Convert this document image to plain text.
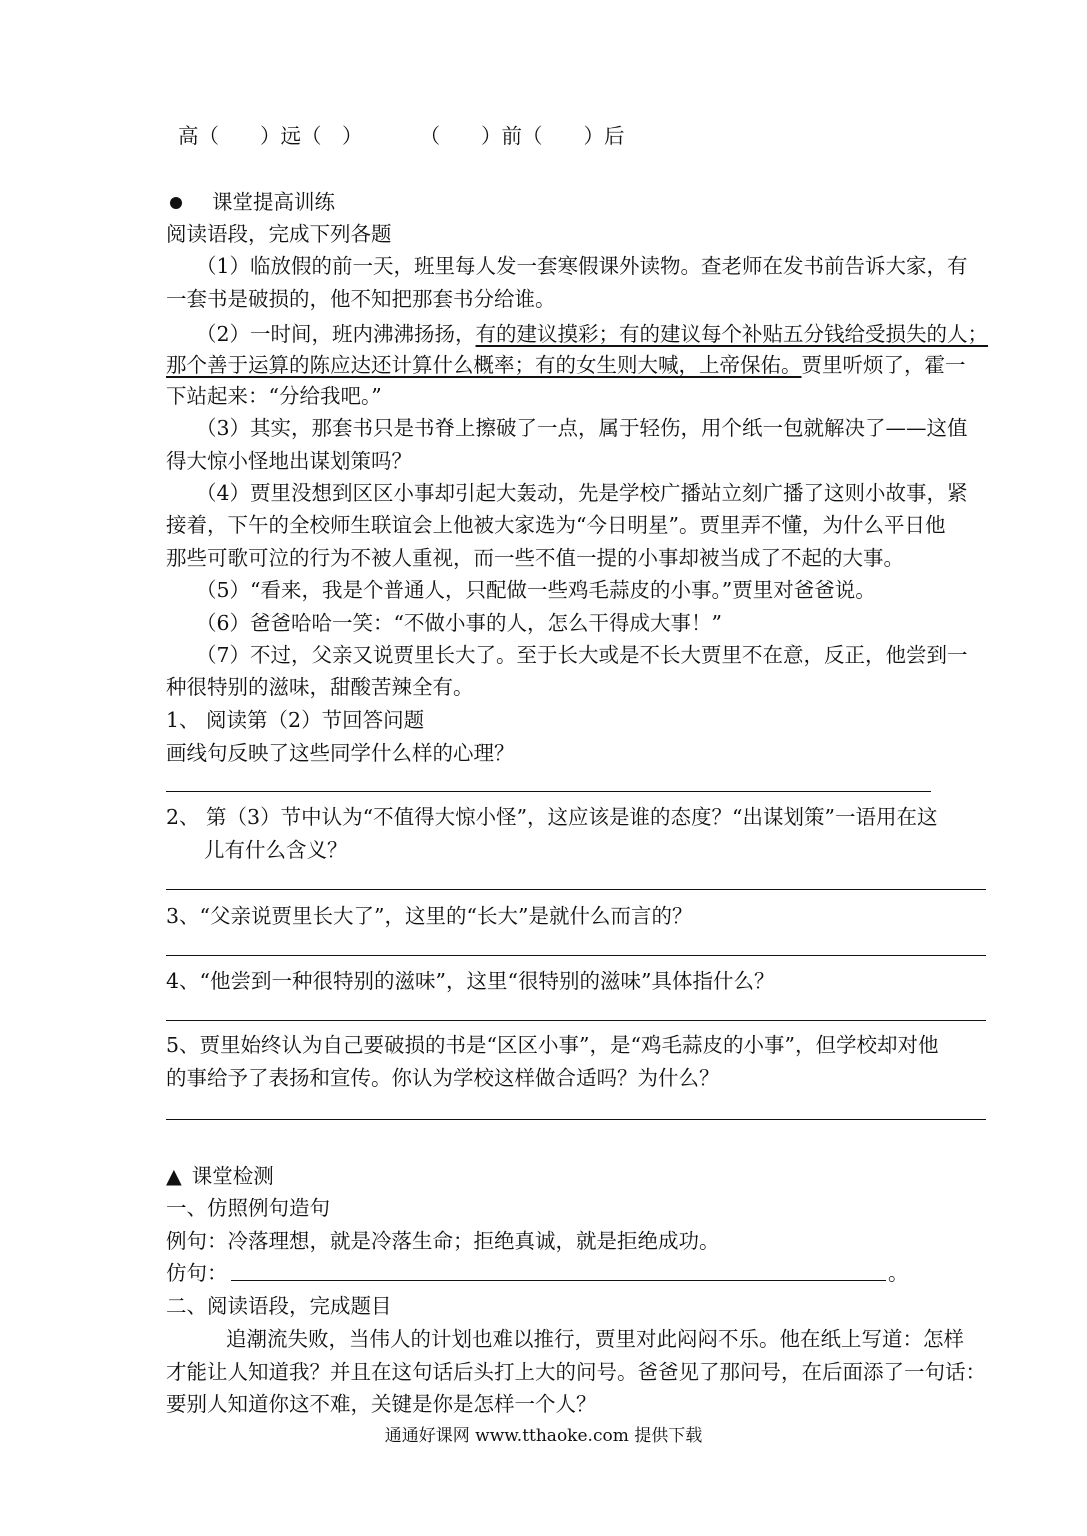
高（　　）远（　）	（　　）前（　　）后
课堂提高训练
阅读语段，完成下列各题
（1）临放假的前一天，班里每人发一套寒假课外读物。查老师在发书前告诉大家，有
一套书是破损的，他不知把那套书分给谁。
（2）一时间，班内沸沸扬扬，有的建议摸彩；有的建议每个补贴五分钱给受损失的人；
那个善于运算的陈应达还计算什么概率；有的女生则大喊，上帝保佑。贾里听烦了，霍一
下站起来：“分给我吧。”
（3）其实，那套书只是书脊上擦破了一点，属于轻伤，用个纸一包就解决了——这值
得大惊小怪地出谋划策吗？
（4）贾里没想到区区小事却引起大轰动，先是学校广播站立刻广播了这则小故事，紧
接着，下午的全校师生联谊会上他被大家选为“今日明星”。贾里弄不懂，为什么平日他
那些可歌可泣的行为不被人重视，而一些不值一提的小事却被当成了不起的大事。
（5）“看来，我是个普通人，只配做一些鸡毛蒜皮的小事。”贾里对爸爸说。
（6）爸爸哈哈一笑：“不做小事的人，怎么干得成大事！”
（7）不过，父亲又说贾里长大了。至于长大或是不长大贾里不在意，反正，他尝到一
种很特别的滋味，甜酸苦辣全有。
1、 阅读第（2）节回答问题
画线句反映了这些同学什么样的心理？
2、 第（3）节中认为“不值得大惊小怪”，这应该是谁的态度？“出谋划策”一语用在这
儿有什么含义？
3、“父亲说贾里长大了”，这里的“长大”是就什么而言的？
4、“他尝到一种很特别的滋味”，这里“很特别的滋味”具体指什么？
5、贾里始终认为自己要破损的书是“区区小事”，是“鸡毛蒜皮的小事”，但学校却对他
的事给予了表扬和宣传。你认为学校这样做合适吗？为什么？
▲ 课堂检测
一、仿照例句造句
例句：冷落理想，就是冷落生命；拒绝真诚，就是拒绝成功。
仿句：	。
二、阅读语段，完成题目
追潮流失败，当伟人的计划也难以推行，贾里对此闷闷不乐。他在纸上写道：怎样
才能让人知道我？并且在这句话后头打上大的问号。爸爸见了那问号，在后面添了一句话：
要别人知道你这不难，关键是你是怎样一个人？
通通好课网 www.tthaoke.com 提供下载
